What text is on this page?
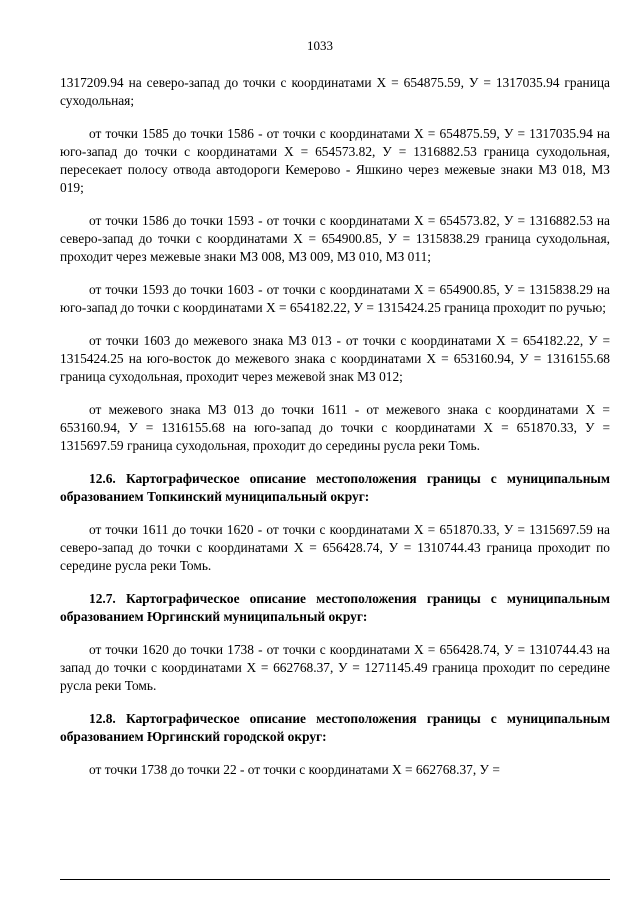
1033

1317209.94 на северо-запад до точки с координатами Х = 654875.59, У = 1317035.94 граница суходольная;

от точки 1585 до точки 1586 - от точки с координатами Х = 654875.59, У = 1317035.94 на юго-запад до точки с координатами Х = 654573.82, У = 1316882.53 граница суходольная, пересекает полосу отвода автодороги Кемерово - Яшкино через межевые знаки МЗ 018, МЗ 019;

от точки 1586 до точки 1593 - от точки с координатами Х = 654573.82, У = 1316882.53 на северо-запад до точки с координатами Х = 654900.85, У = 1315838.29 граница суходольная, проходит через межевые знаки МЗ 008, МЗ 009, МЗ 010, МЗ 011;

от точки 1593 до точки 1603 - от точки с координатами Х = 654900.85, У = 1315838.29 на юго-запад до точки с координатами Х = 654182.22, У = 1315424.25 граница проходит по ручью;

от точки 1603 до межевого знака МЗ 013 - от точки с координатами Х = 654182.22, У = 1315424.25 на юго-восток до межевого знака с координатами Х = 653160.94, У = 1316155.68 граница суходольная, проходит через межевой знак МЗ 012;

от межевого знака МЗ 013 до точки 1611 - от межевого знака с координатами Х = 653160.94, У = 1316155.68 на юго-запад до точки с координатами Х = 651870.33, У = 1315697.59 граница суходольная, проходит до середины русла реки Томь.

12.6. Картографическое описание местоположения границы с муниципальным образованием Топкинский муниципальный округ:

от точки 1611 до точки 1620 - от точки с координатами Х = 651870.33, У = 1315697.59 на северо-запад до точки с координатами Х = 656428.74, У = 1310744.43 граница проходит по середине русла реки Томь.

12.7. Картографическое описание местоположения границы с муниципальным образованием Юргинский муниципальный округ:

от точки 1620 до точки 1738 - от точки с координатами Х = 656428.74, У = 1310744.43 на запад до точки с координатами Х = 662768.37, У = 1271145.49 граница проходит по середине русла реки Томь.

12.8. Картографическое описание местоположения границы с муниципальным образованием Юргинский городской округ:

от точки 1738 до точки 22 - от точки с координатами Х = 662768.37, У =
